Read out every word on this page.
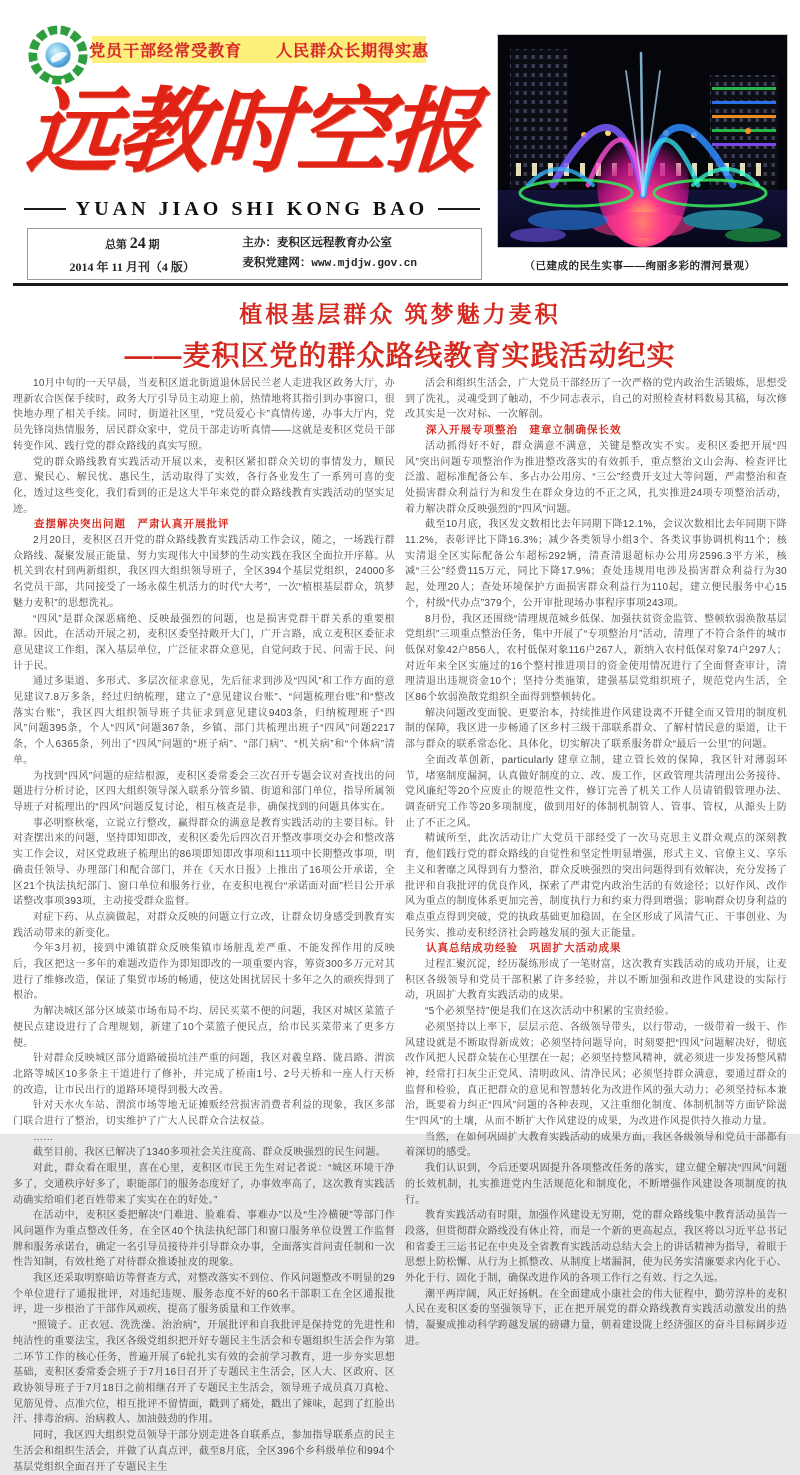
党员干部经常受教育　　人民群众长期得实惠
远教时空报
YUAN JIAO SHI KONG BAO
总第 24 期
2014 年 11 月刊（4 版）
主办：麦积区远程教育办公室
麦积党建网：www.mjdjw.gov.cn	（已建成的民生实事——绚丽多彩的渭河景观）
植根基层群众 筑梦魅力麦积
——麦积区党的群众路线教育实践活动纪实

10月中旬的一天早晨，当麦积区道北街道退休居民兰老人走进我区政务大厅，办理新农合医保手续时，政务大厅引导员主动迎上前，热情地将其指引到办事窗口，很快地办理了相关手续。同时，街道社区里，“党员爱心卡”真情传递，办事大厅内，党员先锋岗热情服务，居民群众家中，党员干部走访听真情——这就是麦积区党员干部转变作风、践行党的群众路线的真实写照。

党的群众路线教育实践活动开展以来，麦积区紧扣群众关切的事情发力，顺民意、聚民心、解民忧、惠民生，活动取得了实效，各行各业发生了一系列可喜的变化，透过这些变化，我们看到的正是这大半年来党的群众路线教育实践活动的坚实足迹。

查摆解决突出问题　严肃认真开展批评

2月20日，麦积区召开党的群众路线教育实践活动工作会议，随之，一场践行群众路线、凝聚发展正能量、努力实现伟大中国梦的生动实践在我区全面拉开序幕。从机关到农村到两新组织，我区四大组织领导班子，全区394个基层党组织，24000多名党员干部，共同接受了一场永葆生机活力的时代“大考”，一次“植根基层群众，筑梦魅力麦积”的思想洗礼。

“四风”是群众深恶痛绝、反映最强烈的问题，也是损害党群干群关系的重要根源。因此，在活动开展之初，麦积区委坚持敞开大门，广开言路，成立麦积区委征求意见建议工作组，深入基层单位，广泛征求群众意见，自觉问政于民、问需于民、问计于民。

通过多渠道、多形式、多层次征求意见，先后征求到涉及“四风”和工作方面的意见建议7.8万多条，经过归纳梳理，建立了“意见建议台账”、“问题梳理台账”和“整改落实台账”，我区四大组织领导班子共征求到意见建议9403条，归纳梳理班子“四风”问题395条，个人“四风”问题367条，乡镇、部门共梳理出班子“四风”问题2217条，个人6365条，列出了“四风”问题的“班子病”、“部门病”、“机关病”和“个体病”清单。

为找到“四风”问题的症结根源，麦积区委常委会三次召开专题会议对查找出的问题进行分析讨论，区四大组织领导深入联系分管乡镇、街道和部门单位，指导所属领导班子对梳理出的“四风”问题反复讨论，相互核查是非，确保找到的问题具体实在。

事必明察秋毫，立说立行整改，赢得群众的满意是教育实践活动的主要目标。针对查摆出来的问题，坚持即知即改，麦积区委先后四次召开整改事项交办会和整改落实工作会议，对区党政班子梳理出的86项即知即改事项和111项中长期整改事项，明确责任领导、办理部门和配合部门，并在《天水日报》上推出了16项公开承诺，全区21个执法执纪部门、窗口单位和服务行业，在麦积电视台“承诺面对面”栏目公开承诺整改事项393项，主动接受群众监督。

对症下药、从点滴做起，对群众反映的问题立行立改，让群众切身感受到教育实践活动带来的新变化。

今年3月初，接到中滩镇群众反映集镇市场脏乱差严重、不能发挥作用的反映后，我区把这一多年的难题改造作为即知即改的一项重要内容，筹资300多万元对其进行了维修改造，保证了集贸市场的畅通，使这处困扰居民十多年之久的顽疾得到了根治。

为解决城区部分区域菜市场布局不均、居民买菜不便的问题，我区对城区菜篮子便民点建设进行了合理规划，新建了10个菜篮子便民点，给市民买菜带来了更多方便。

针对群众反映城区部分道路破损坑洼严重的问题，我区对羲皇路、陇昌路、渭滨北路等城区10多条主干道进行了修补，并完成了桥南1号、2号天桥和一座人行天桥的改造，让市民出行的道路环境得到极大改善。

针对天水火车站、渭滨市场等地无证摊贩经营损害消费者利益的现象，我区多部门联合进行了整治，切实维护了广大人民群众合法权益。

……

截至目前，我区已解决了1340多项社会关注度高、群众反映强烈的民生问题。

对此，群众看在眼里，喜在心里，麦积区市民王先生对记者说：“城区环境干净多了，交通秩序好多了，职能部门的服务态度好了，办事效率高了，这次教育实践活动确实给咱们老百姓带来了实实在在的好处。”

在活动中，麦积区委把解决“门难进、脸难看、事难办”以及“生冷横硬”等部门作风问题作为重点整改任务，在全区40个执法执纪部门和窗口服务单位设置工作监督牌和服务承诺台，确定一名引导员接待并引导群众办事，全面落实首问责任制和一次性告知制，有效杜绝了对待群众推诿扯皮的现象。

我区还采取明察暗访等督查方式，对整改落实不到位、作风问题整改不明显的29个单位进行了通报批评，对违纪违规、服务态度不好的60名干部职工在全区通报批评，进一步根治了干部作风顽疾，提高了服务质量和工作效率。

“照镜子、正衣冠、洗洗澡、治治病”，开展批评和自我批评是保持党的先进性和纯洁性的重要法宝，我区各级党组织把开好专题民主生活会和专题组织生活会作为第二环节工作的核心任务，普遍开展了6轮扎实有效的会前学习教育，进一步夯实思想基础，麦积区委常委会班子于7月16日召开了专题民主生活会，区人大、区政府、区政协领导班子于7月18日之前相继召开了专题民主生活会，领导班子成员真刀真枪、见筋见骨、点准穴位，相互批评不留情面，戳到了痛处，戳出了辣味，起到了红脸出汗、排毒治病、治病救人、加油鼓劲的作用。

同时，我区四大组织党员领导干部分别走进各自联系点，参加指导联系点的民主生活会和组织生活会，并做了认真点评，截至8月底，全区396个乡科级单位和994个基层党组织全面召开了专题民主生

活会和组织生活会，广大党员干部经历了一次严格的党内政治生活锻炼，思想受到了洗礼，灵魂受到了触动，不少同志表示，自己的对照检查材料数易其稿，每次修改其实是一次对标、一次解剖。

深入开展专项整治　建章立制确保长效

活动抓得好不好，群众满意不满意，关键是整改实不实。麦积区委把开展“四风”突出问题专项整治作为推进整改落实的有效抓手，重点整治文山会海、检查评比泛滥、超标准配备公车、多占办公用房、“三公”经费开支过大等问题，严肃整治和查处损害群众利益行为和发生在群众身边的不正之风，扎实推进24项专项整治活动，着力解决群众反映强烈的“四风”问题。

截至10月底，我区发文数相比去年同期下降12.1%，会议次数相比去年同期下降11.2%，表彰评比下降16.3%；减少各类领导小组3个、各类议事协调机构11个；核实清退全区实际配备公车超标292辆，清查清退超标办公用房2596.3平方米，核减“三公”经费115万元，同比下降17.9%；查处违规用电涉及损害群众利益行为30起，处理20人；查处环境保护方面损害群众利益行为110起，建立便民服务中心15个，村级“代办点”379个，公开审批现场办事程序事项243项。

8月份，我区还围绕“清理规范城乡低保、加强扶贫资金监管、整顿软弱涣散基层党组织”三项重点整治任务，集中开展了“专项整治月”活动，清理了不符合条件的城市低保对象42户856人，农村低保对象116户267人，新纳入农村低保对象74户297人；对近年来全区实施过的16个整村推进项目的资金使用情况进行了全面督查审计，清理清退出违规资金10个；坚持分类施策，建强基层党组织班子，规范党内生活，全区86个软弱涣散党组织全面得到整顿转化。

解决问题改变面貌、更要治本，持续推进作风建设离不开健全而又管用的制度机制的保障，我区进一步畅通了区乡村三级干部联系群众、了解村情民意的渠道，让干部与群众的联系常态化、具体化，切实解决了联系服务群众“最后一公里”的问题。

全面改革创新，particularly 建章立制，建立管长效的保障，我区针对薄弱环节，堵塞制度漏洞，认真做好制度的立、改、废工作，区政管理共清理出公务接待、党风廉纪等20个应废止的规范性文件，修订完善了机关工作人员请销假管理办法、调查研究工作等20多项制度，做到用好的体制机制管人、管事、管权，从源头上防止了不正之风。

精诚所至，此次活动让广大党员干部经受了一次马克思主义群众观点的深刻教育，他们践行党的群众路线的自觉性和坚定性明显增强，形式主义、官僚主义、享乐主义和奢靡之风得到有力整治，群众反映强烈的突出问题得到有效解决，充分发扬了批评和自我批评的优良作风，探索了严肃党内政治生活的有效途径；以好作风、改作风为重点的制度体系更加完善，制度执行力和约束力得到增强；影响群众切身利益的难点重点得到突破，党的执政基础更加稳固，在全区形成了风清气正、干事创业、为民务实、推动麦积经济社会跨越发展的强大正能量。

认真总结成功经验　巩固扩大活动成果

过程汇聚沉淀，经历凝练形成了一笔财富，这次教育实践活动的成功开展，让麦积区各级领导和党员干部积累了许多经验，并以不断加强和改进作风建设的实际行动，巩固扩大教育实践活动的成果。

“5个必须坚持”便是我们在这次活动中积累的宝贵经验。

必须坚持以上率下，层层示范、各级领导带头，以行带动，一级带着一级干、作风建设就是不断取得新成效；必须坚持问题导向，时刻要把“四风”问题解决好，彻底改作风把人民群众装在心里摆在一起；必须坚持整风精神，就必须进一步发扬整风精神，经常打扫灰尘正党风、清明政风、清净民风；必须坚持群众满意，要通过群众的监督和检验，真正把群众的意见和智慧转化为改进作风的强大动力；必须坚持标本兼治，既要着力纠正“四风”问题的各种表现，又注重细化制度、体制机制等方面铲除滋生“四风”的土壤，从而不断扩大作风建设的成果，为改进作风提供持久推动力量。

当然，在如何巩固扩大教育实践活动的成果方面，我区各级领导和党员干部都有着深切的感受。

我们认识到，今后还要巩固提升各项整改任务的落实，建立健全解决“四风”问题的长效机制，扎实推进党内生活规范化和制度化，不断增强作风建设各项制度的执行。

教育实践活动有时限，加强作风建设无穷期，党的群众路线集中教育活动虽告一段落，但贯彻群众路线没有休止符，而是一个新的更高起点，我区将以习近平总书记和省委王三运书记在中央及全省教育实践活动总结大会上的讲话精神为指导，着眼于思想上防松懈、从行为上抓整改、从制度上堵漏洞，使为民务实清廉要求内化于心、外化于行、固化于制，确保改进作风的各项工作行之有效、行之久远。

潮平两岸阔，风正好扬帆。在全面建成小康社会的伟大征程中，勤劳淳朴的麦积人民在麦积区委的坚强领导下，正在把开展党的群众路线教育实践活动激发出的热情，凝聚成推动科学跨越发展的磅礴力量，朝着建设陇上经济强区的奋斗目标阔步迈进。
